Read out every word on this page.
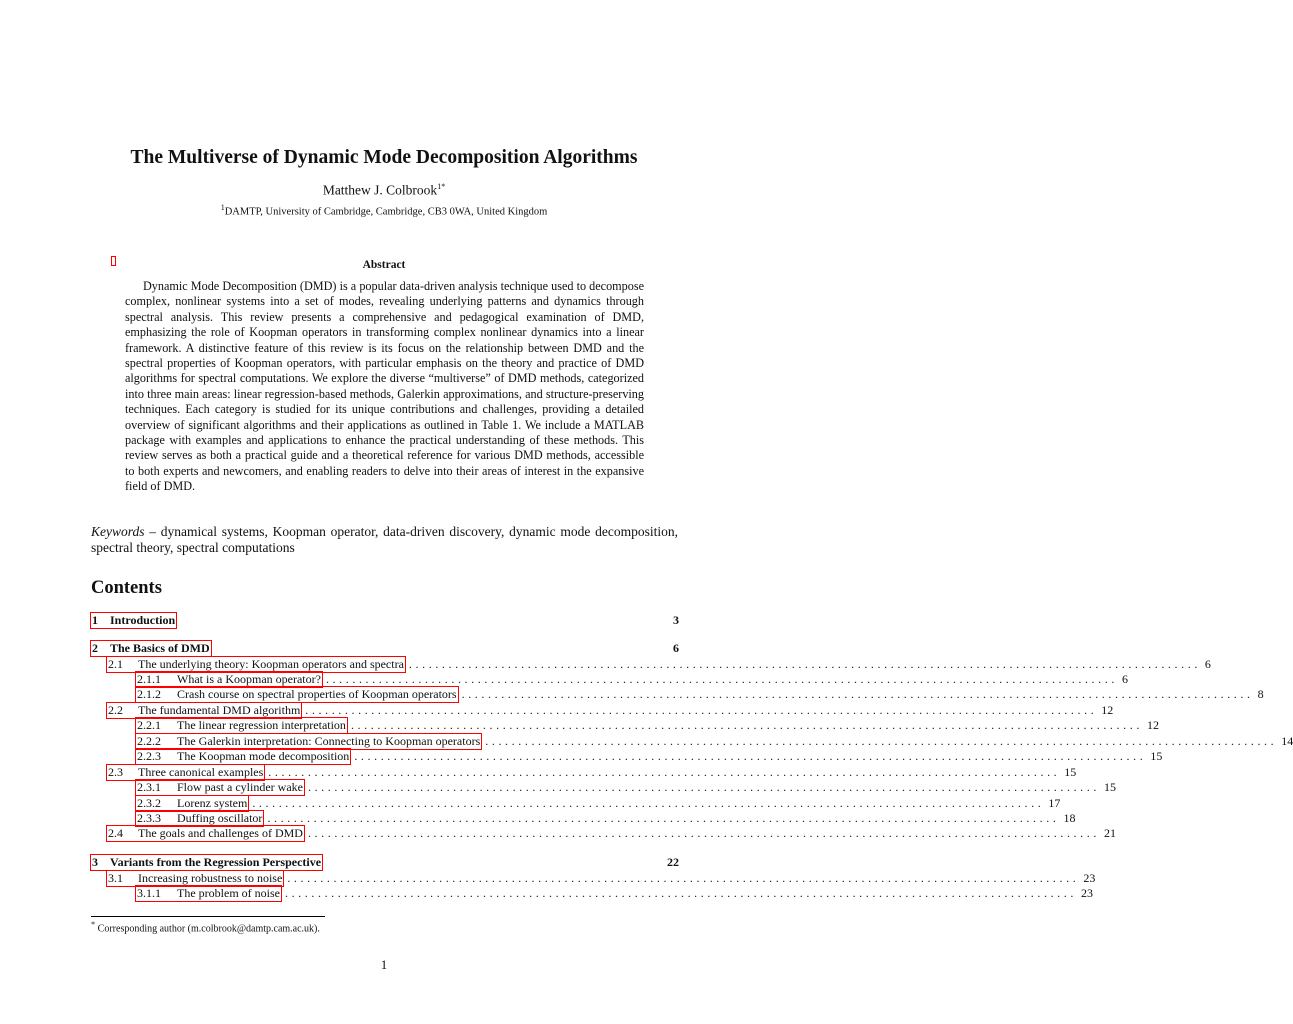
The Multiverse of Dynamic Mode Decomposition Algorithms
Matthew J. Colbrook$^{1*}$
$^1$DAMTP, University of Cambridge, Cambridge, CB3 0WA, United Kingdom
Abstract

Dynamic Mode Decomposition (DMD) is a popular data-driven analysis technique used to decompose complex, nonlinear systems into a set of modes, revealing underlying patterns and dynamics through spectral analysis. This review presents a comprehensive and pedagogical examination of DMD, emphasizing the role of Koopman operators in transforming complex nonlinear dynamics into a linear framework. A distinctive feature of this review is its focus on the relationship between DMD and the spectral properties of Koopman operators, with particular emphasis on the theory and practice of DMD algorithms for spectral computations. We explore the diverse “multiverse” of DMD methods, categorized into three main areas: linear regression-based methods, Galerkin approximations, and structure-preserving techniques. Each category is studied for its unique contributions and challenges, providing a detailed overview of significant algorithms and their applications as outlined in Table 1. We include a MATLAB package with examples and applications to enhance the practical understanding of these methods. This review serves as both a practical guide and a theoretical reference for various DMD methods, accessible to both experts and newcomers, and enabling readers to delve into their areas of interest in the expansive field of DMD.

Keywords – dynamical systems, Koopman operator, data-driven discovery, dynamic mode decomposition, spectral theory, spectral computations
Contents
1	Introduction	3
2	The Basics of DMD	6
2.1	The underlying theory: Koopman operators and spectra ........................................................................................................................ 6
2.1.1	What is a Koopman operator? ........................................................................................................................ 6
2.1.2	Crash course on spectral properties of Koopman operators ........................................................................................................................ 8
2.2	The fundamental DMD algorithm ........................................................................................................................ 12
2.2.1	The linear regression interpretation ........................................................................................................................ 12
2.2.2	The Galerkin interpretation: Connecting to Koopman operators ........................................................................................................................ 14
2.2.3	The Koopman mode decomposition ........................................................................................................................ 15
2.3	Three canonical examples ........................................................................................................................ 15
2.3.1	Flow past a cylinder wake ........................................................................................................................ 15
2.3.2	Lorenz system ........................................................................................................................ 17
2.3.3	Duffing oscillator ........................................................................................................................ 18
2.4	The goals and challenges of DMD ........................................................................................................................ 21
3	Variants from the Regression Perspective	22
3.1	Increasing robustness to noise ........................................................................................................................ 23
3.1.1	The problem of noise ........................................................................................................................ 23
* Corresponding author (m.colbrook@damtp.cam.ac.uk).
1
